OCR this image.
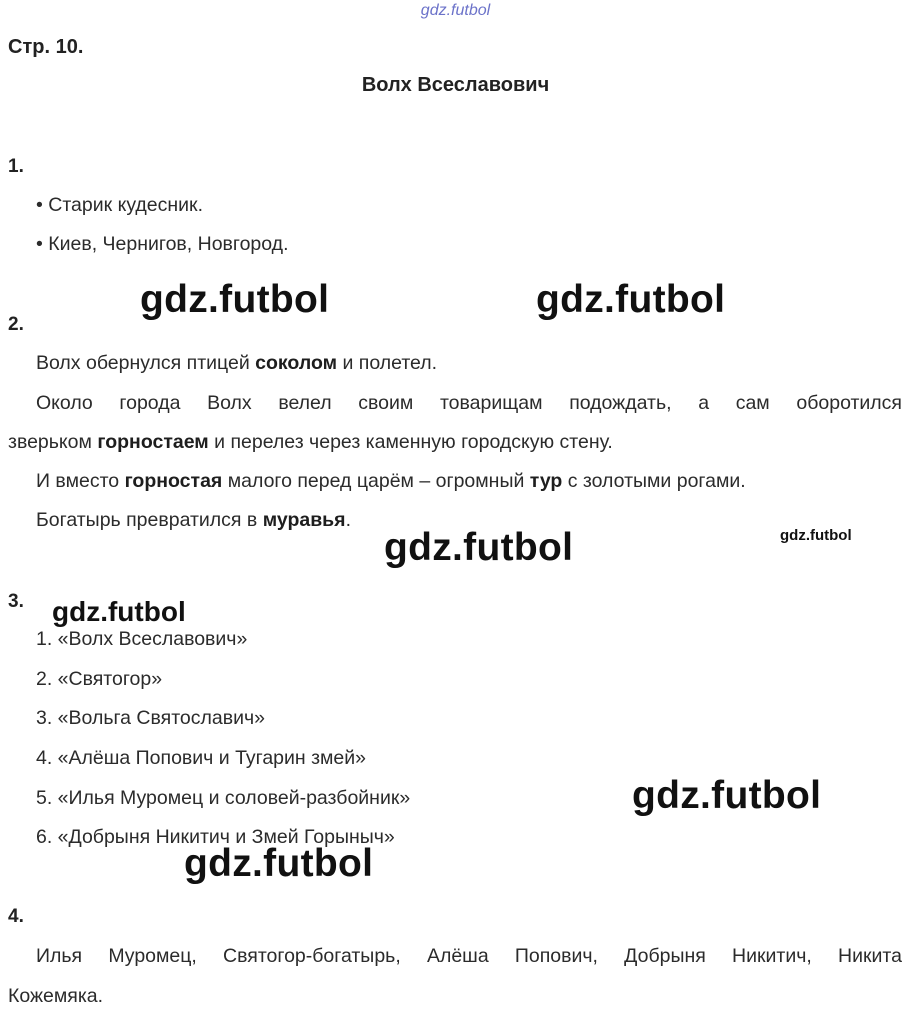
gdz.futbol
Стр. 10.
Волх Всеславович
1.
• Старик кудесник.
• Киев, Чернигов, Новгород.
gdz.futbol	gdz.futbol
2.
Волх обернулся птицей соколом и полетел.
Около города Волх велел своим товарищам подождать, а сам оборотился
зверьком горностаем и перелез через каменную городскую стену.
И вместо горностая малого перед царём – огромный тур с золотыми рогами.
Богатырь превратился в муравья.
gdz.futbol
gdz.futbol
3. gdz.futbol
1. «Волх Всеславович»
2. «Святогор»
3. «Вольга Святославич»
4. «Алёша Попович и Тугарин змей»
5. «Илья Муромец и соловей-разбойник»
6. «Добрыня Никитич и Змей Горыныч»
gdz.futbol
gdz.futbol
4.
Илья Муромец, Святогор-богатырь, Алёша Попович, Добрыня Никитич, Никита
Кожемяка.
